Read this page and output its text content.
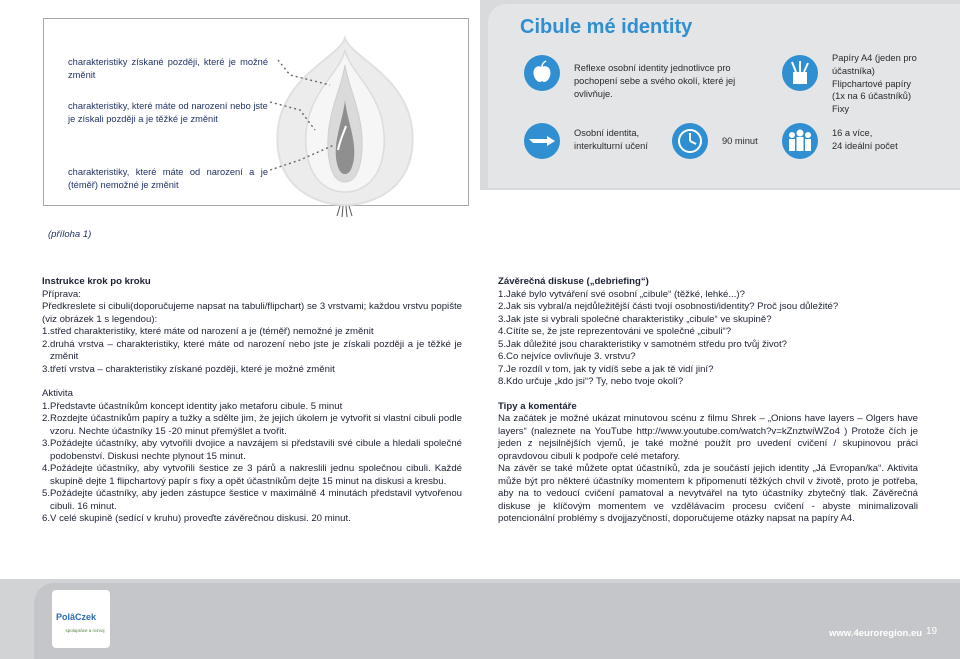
charakteristiky získané později, které je možné změnit
charakteristiky, které máte od narození nebo jste je získali později a je těžké je změnit
charakteristiky, které máte od narození a je (téměř) nemožné je změnit
(příloha 1)
Cibule mé identity
Reflexe osobní identity jednotlivce pro pochopení sebe a svého okolí, které jej ovlivňuje.
Papíry A4 (jeden pro účastníka)
Flipchartové papíry
(1x na 6 účastníků)
Fixy
Osobní identita,
interkulturní učení	90 minut
16 a více,
24 ideální počet
Instrukce krok po kroku
Příprava:
Předkreslete si cibuli(doporučujeme napsat na tabuli/flipchart) se 3 vrstvami; každou vrstvu popište (viz obrázek 1 s legendou):
1. střed charakteristiky, které máte od narození a je (téměř) nemožné je změnit
2. druhá vrstva – charakteristiky, které máte od narození nebo jste je získali později a je těžké je změnit
3. třetí vrstva – charakteristiky získané později, které je možné změnit
Aktivita
1. Představte účastníkům koncept identity jako metaforu cibule. 5 minut
2. Rozdejte účastníkům papíry a tužky a sdělte jim, že jejich úkolem je vytvořit si vlastní cibuli podle vzoru. Nechte účastníky 15 -20 minut přemýšlet a tvořit.
3. Požádejte účastníky, aby vytvořili dvojice a navzájem si představili své cibule a hledali společné podobenství. Diskusi nechte plynout 15 minut.
4. Požádejte účastníky, aby vytvořili šestice ze 3 párů a nakreslili jednu společnou cibuli. Každé skupině dejte 1 flipchartový papír s fixy a opět účastníkům dejte 15 minut na diskusi a kresbu.
5. Požádejte účastníky, aby jeden zástupce šestice v maximálně 4 minutách představil vytvořenou cibuli. 16 minut.
6. V celé skupině (sedící v kruhu) proveďte závěrečnou diskusi. 20 minut.
Závěrečná diskuse („debriefing“)
1. Jaké bylo vytváření své osobní „cibule“ (těžké, lehké...)?
2. Jak sis vybral/a nejdůležitější části tvojí osobnosti/identity? Proč jsou důležité?
3. Jak jste si vybrali společné charakteristiky „cibule“ ve skupině?
4. Cítíte se, že jste reprezentováni ve společné „cibuli“?
5. Jak důležité jsou charakteristiky v samotném středu pro tvůj život?
6. Co nejvíce ovlivňuje 3. vrstvu?
7. Je rozdíl v tom, jak ty vidíš sebe a jak tě vidí jiní?
8. Kdo určuje „kdo jsi“? Ty, nebo tvoje okolí?
Tipy a komentáře
Na začátek je možné ukázat minutovou scénu z filmu Shrek – „Onions have layers – Olgers have layers“ (naleznete na YouTube http://www.youtube.com/watch?v=kZnztwiWZo4 ) Protože čích je jeden z nejsilnějších vjemů, je také možné použít pro uvedení cvičení / skupinovou práci opravdovou cibuli k podpoře celé metafory.
Na závěr se také můžete optat účastníků, zda je součástí jejich identity „Já Evropan/ka“. Aktivita může být pro některé účastníky momentem k připomenutí těžkých chvil v životě, proto je potřeba, aby na to vedoucí cvičení pamatoval a nevytvářel na tyto účastníky zbytečný tlak. Závěrečná diskuse je klíčovým momentem ve vzdělávacím procesu cvičení - abyste minimalizovali potencionální problémy s dvojjazyčností, doporučujeme otázky napsat na papíry A4.
PolâCzek
spolupráce a rozvoj	www.4euroregion.eu 19
